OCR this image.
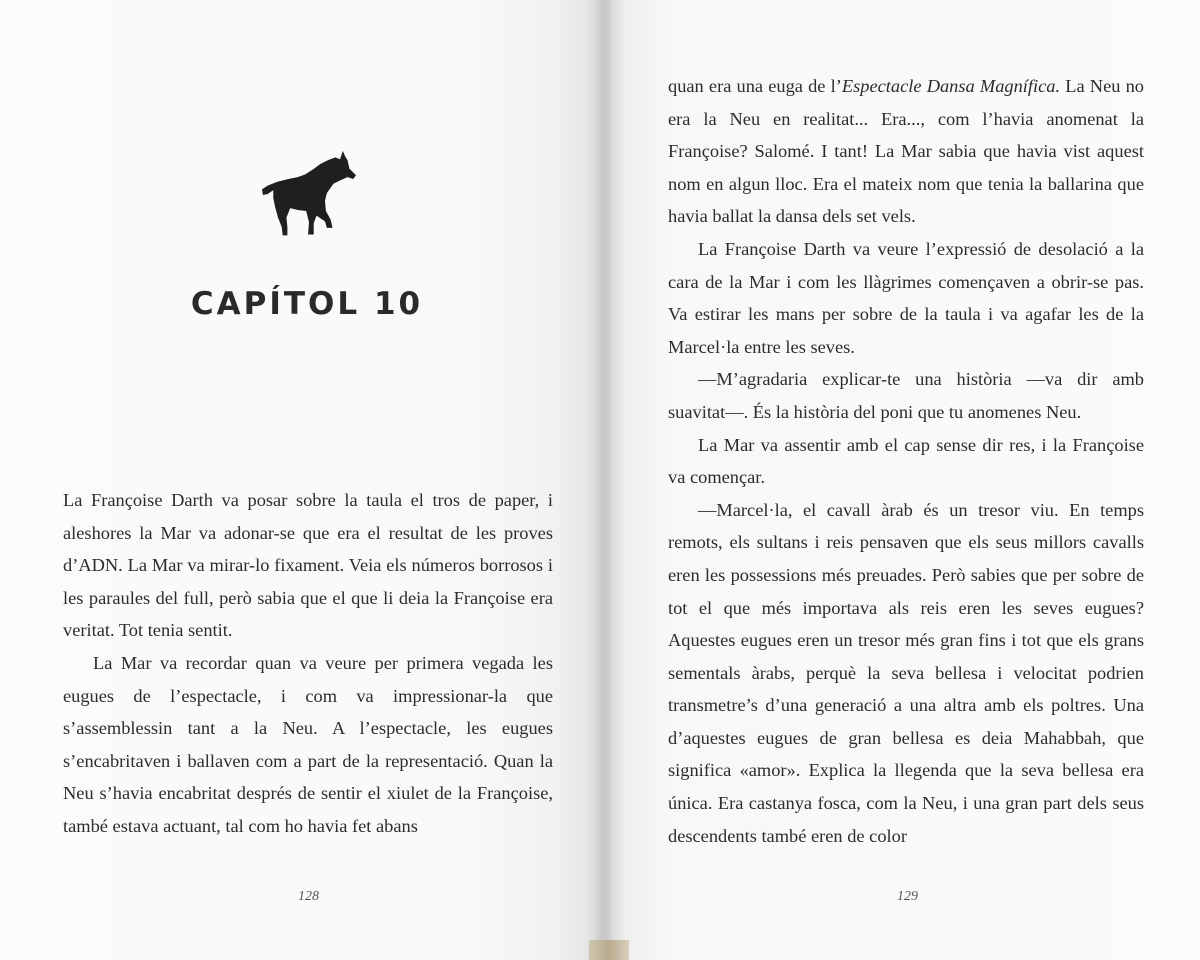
CAPÍTOL 10

La Françoise Darth va posar sobre la taula el tros de paper, i aleshores la Mar va adonar-se que era el resultat de les proves d’ADN. La Mar va mirar-lo fixament. Veia els números borrosos i les paraules del full, però sabia que el que li deia la Françoise era veritat. Tot tenia sentit.

La Mar va recordar quan va veure per primera vegada les eugues de l’espectacle, i com va impressionar-la que s’assemblessin tant a la Neu. A l’espectacle, les eugues s’encabritaven i ballaven com a part de la representació. Quan la Neu s’havia encabritat després de sentir el xiulet de la Françoise, també estava actuant, tal com ho havia fet abans

128

quan era una euga de l’Espectacle Dansa Magnífica. La Neu no era la Neu en realitat... Era..., com l’havia anomenat la Françoise? Salomé. I tant! La Mar sabia que havia vist aquest nom en algun lloc. Era el mateix nom que tenia la ballarina que havia ballat la dansa dels set vels.

La Françoise Darth va veure l’expressió de desolació a la cara de la Mar i com les llàgrimes començaven a obrir-se pas. Va estirar les mans per sobre de la taula i va agafar les de la Marcel·la entre les seves.

—M’agradaria explicar-te una història —va dir amb suavitat—. És la història del poni que tu anomenes Neu.

La Mar va assentir amb el cap sense dir res, i la Françoise va començar.

—Marcel·la, el cavall àrab és un tresor viu. En temps remots, els sultans i reis pensaven que els seus millors cavalls eren les possessions més preuades. Però sabies que per sobre de tot el que més importava als reis eren les seves eugues? Aquestes eugues eren un tresor més gran fins i tot que els grans sementals àrabs, perquè la seva bellesa i velocitat podrien transmetre’s d’una generació a una altra amb els poltres. Una d’aquestes eugues de gran bellesa es deia Mahabbah, que significa «amor». Explica la llegenda que la seva bellesa era única. Era castanya fosca, com la Neu, i una gran part dels seus descendents també eren de color

129
